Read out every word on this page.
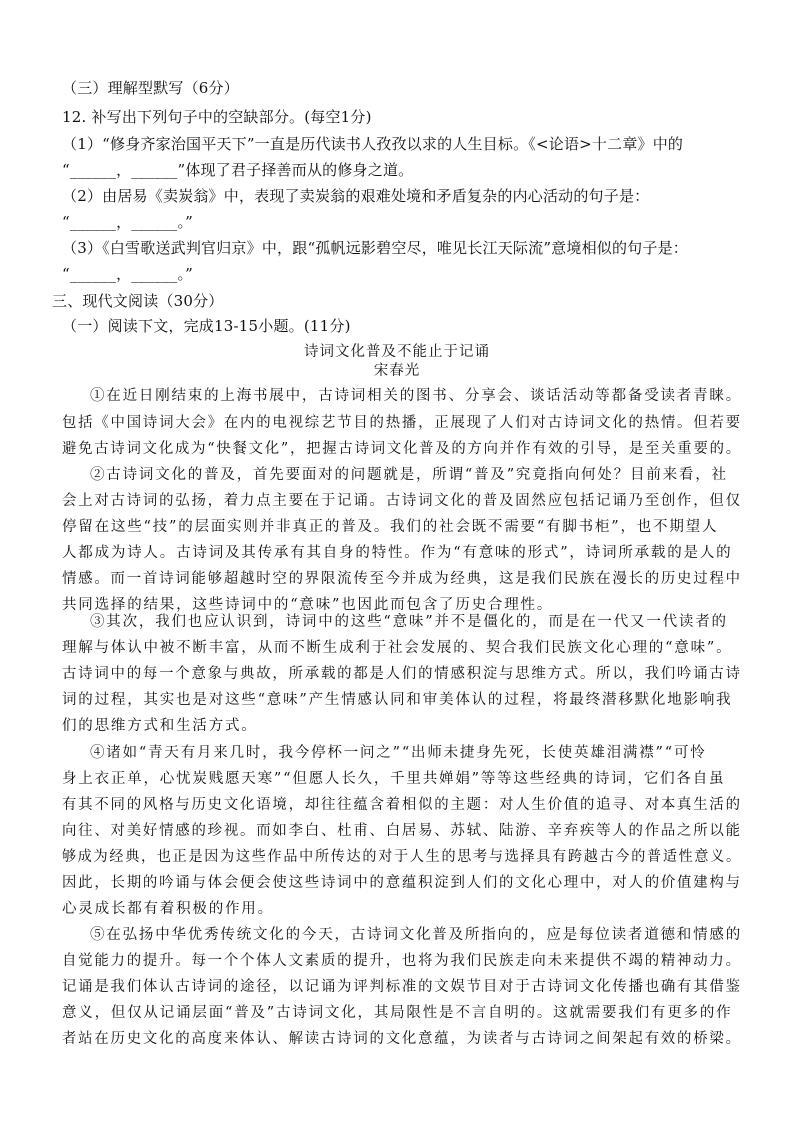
（三）理解型默写（6分）
12. 补写出下列句子中的空缺部分。(每空1分)
（1）“修身齐家治国平天下”一直是历代读书人孜孜以求的人生目标。《<论语>十二章》中的
“______，______”体现了君子择善而从的修身之道。
（2）由居易《卖炭翁》中，表现了卖炭翁的艰难处境和矛盾复杂的内心活动的句子是：
“______，______。”
（3）《白雪歌送武判官归京》中，跟“孤帆远影碧空尽，唯见长江天际流”意境相似的句子是：
“______，______。”
三、现代文阅读（30分）
（一）阅读下文，完成13-15小题。(11分)
诗词文化普及不能止于记诵
宋春光
①在近日刚结束的上海书展中，古诗词相关的图书、分享会、谈话活动等都备受读者青睐。
包括《中国诗词大会》在内的电视综艺节目的热播，正展现了人们对古诗词文化的热情。但若要
避免古诗词文化成为“快餐文化”，把握古诗词文化普及的方向并作有效的引导，是至关重要的。
②古诗词文化的普及，首先要面对的问题就是，所谓“普及”究竟指向何处？目前来看，社
会上对古诗词的弘扬，着力点主要在于记诵。古诗词文化的普及固然应包括记诵乃至创作，但仅
停留在这些“技”的层面实则并非真正的普及。我们的社会既不需要“有脚书柜”，也不期望人
人都成为诗人。古诗词及其传承有其自身的特性。作为“有意味的形式”，诗词所承载的是人的
情感。而一首诗词能够超越时空的界限流传至今并成为经典，这是我们民族在漫长的历史过程中
共同选择的结果，这些诗词中的“意味”也因此而包含了历史合理性。
③其次，我们也应认识到，诗词中的这些“意味”并不是僵化的，而是在一代又一代读者的
理解与体认中被不断丰富，从而不断生成利于社会发展的、契合我们民族文化心理的“意味”。
古诗词中的每一个意象与典故，所承载的都是人们的情感积淀与思维方式。所以，我们吟诵古诗
词的过程，其实也是对这些“意味”产生情感认同和审美体认的过程，将最终潜移默化地影响我
们的思维方式和生活方式。
④诸如“青天有月来几时，我今停杯一问之”“出师未捷身先死，长使英雄泪满襟”“可怜
身上衣正单，心忧炭贱愿天寒”“但愿人长久，千里共婵娟”等等这些经典的诗词，它们各自虽
有其不同的风格与历史文化语境，却往往蕴含着相似的主题：对人生价值的追寻、对本真生活的
向往、对美好情感的珍视。而如李白、杜甫、白居易、苏轼、陆游、辛弃疾等人的作品之所以能
够成为经典，也正是因为这些作品中所传达的对于人生的思考与选择具有跨越古今的普适性意义。
因此，长期的吟诵与体会便会使这些诗词中的意蕴积淀到人们的文化心理中，对人的价值建构与
心灵成长都有着积极的作用。
⑤在弘扬中华优秀传统文化的今天，古诗词文化普及所指向的，应是每位读者道德和情感的
自觉能力的提升。每一个个体人文素质的提升，也将为我们民族走向未来提供不竭的精神动力。
记诵是我们体认古诗词的途径，以记诵为评判标准的文娱节目对于古诗词文化传播也确有其借鉴
意义，但仅从记诵层面“普及”古诗词文化，其局限性是不言自明的。这就需要我们有更多的作
者站在历史文化的高度来体认、解读古诗词的文化意蕴，为读者与古诗词之间架起有效的桥梁。
